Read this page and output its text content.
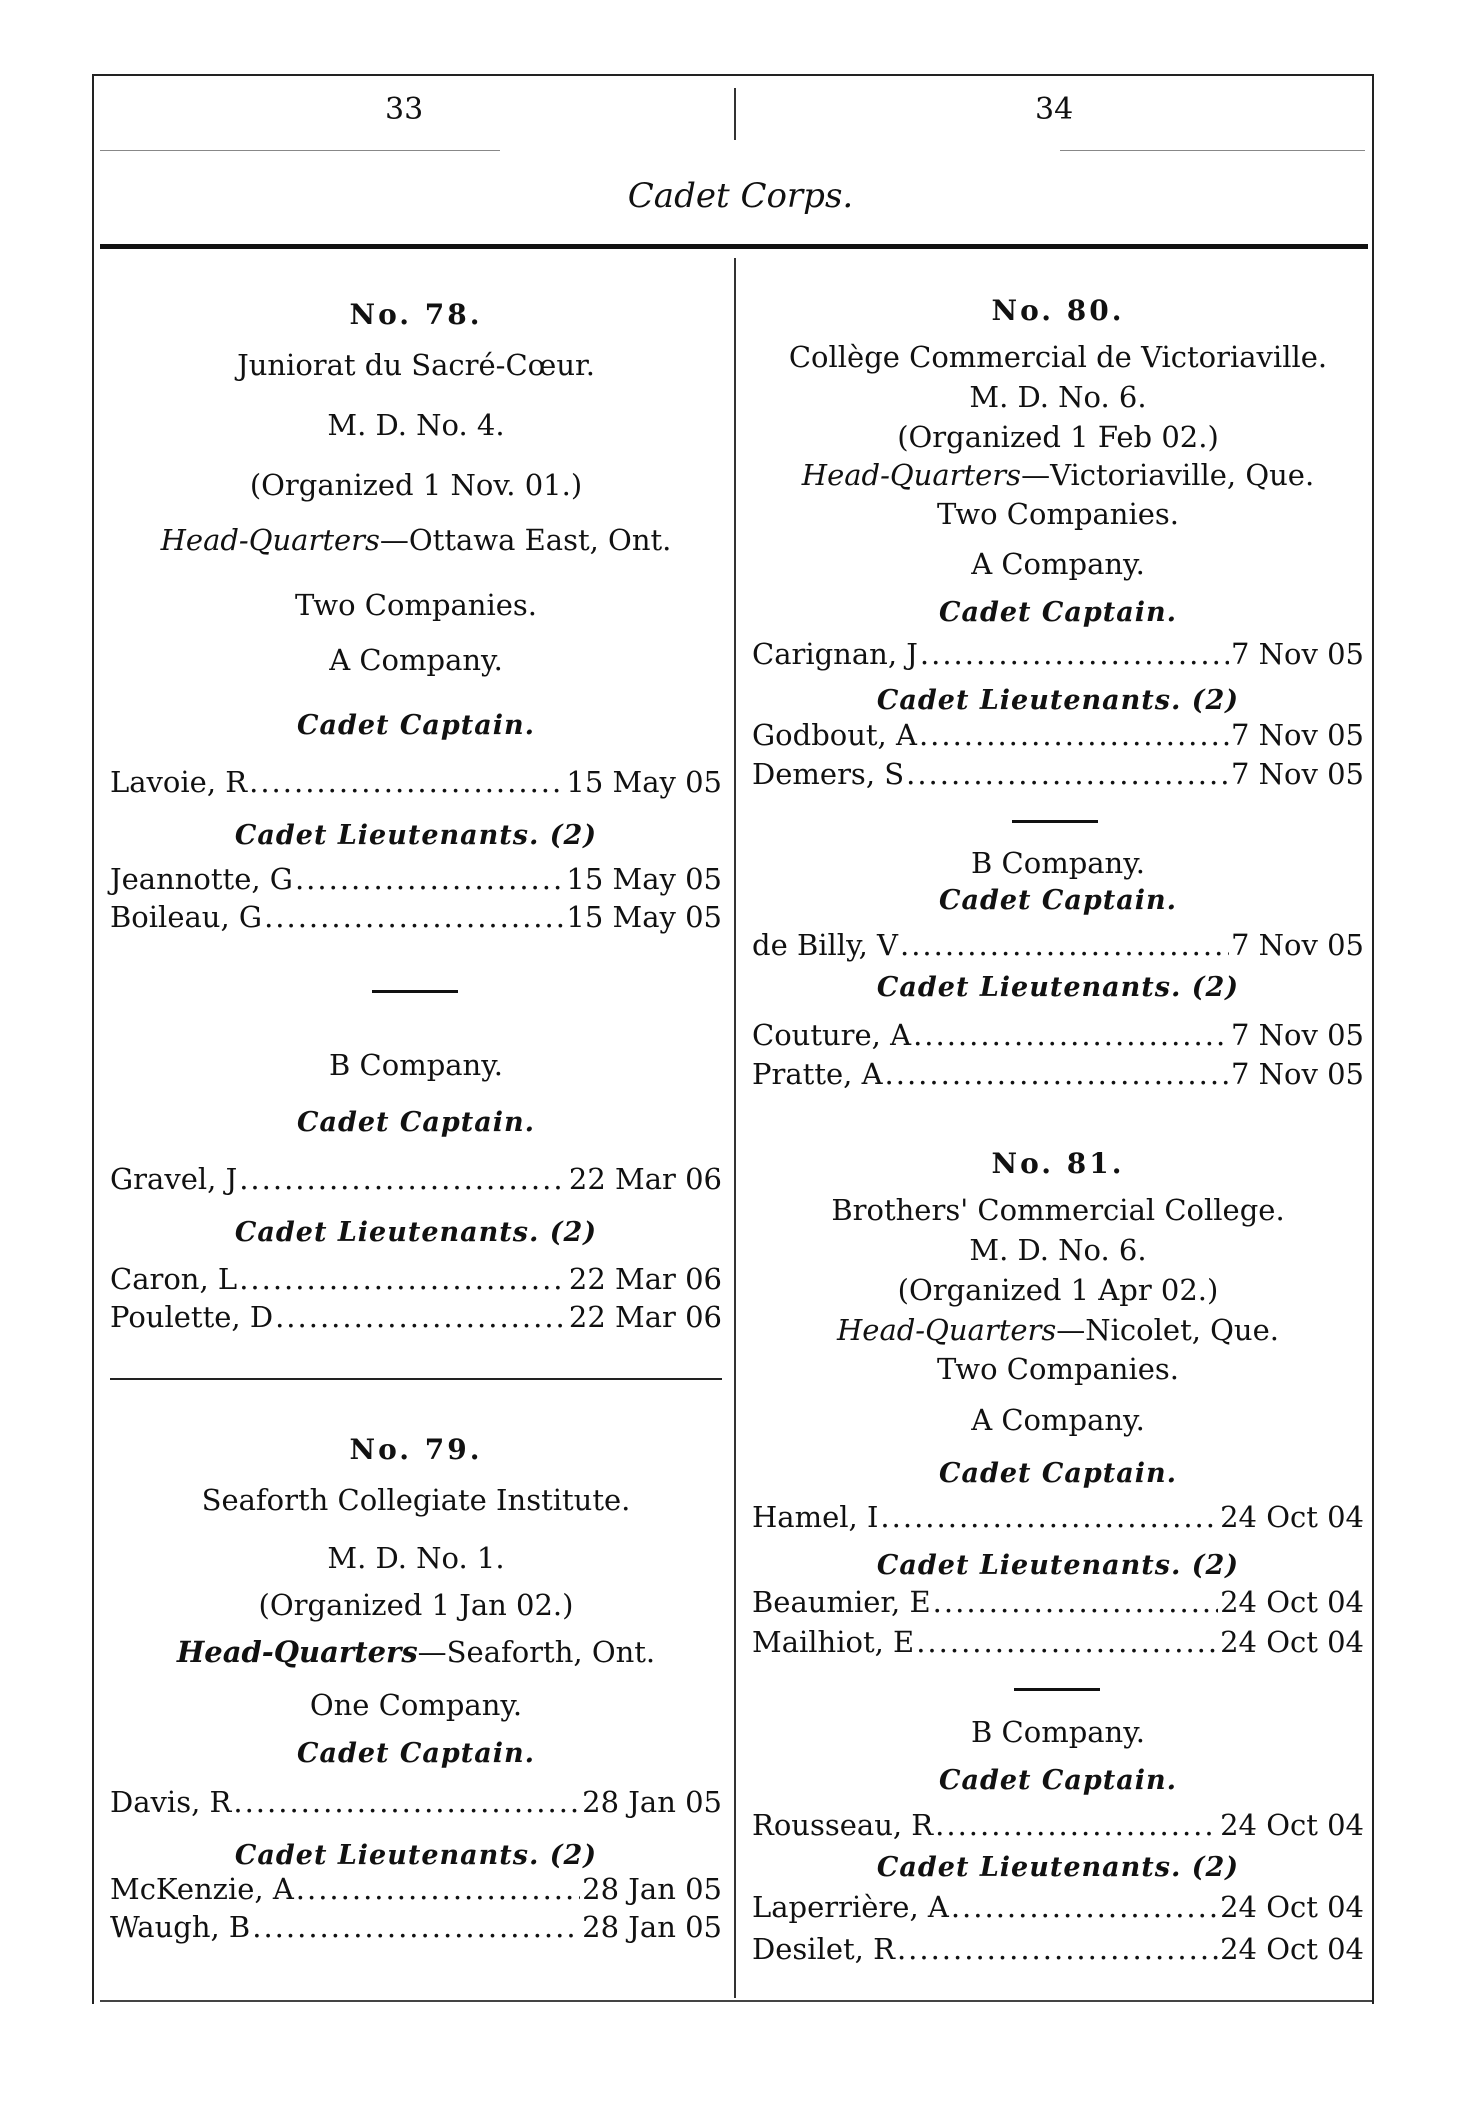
33	34
Cadet Corps.
No. 78.
Juniorat du Sacré-Cœur.
M. D. No. 4.
(Organized 1 Nov. 01.)
Head-Quarters—Ottawa East, Ont.
Two Companies.
A Company.
Cadet Captain.
Lavoie, R .....	15 May 05
Cadet Lieutenants. (2)
Jeannotte, G .....	15 May 05
Boileau, G .....	15 May 05
B Company.
Cadet Captain.
Gravel, J .....	22 Mar 06
Cadet Lieutenants. (2)
Caron, L .....	22 Mar 06
Poulette, D .....	22 Mar 06
No. 79.
Seaforth Collegiate Institute.
M. D. No. 1.
(Organized 1 Jan 02.)
Head-Quarters—Seaforth, Ont.
One Company.
Cadet Captain.
Davis, R .....	28 Jan 05
Cadet Lieutenants. (2)
McKenzie, A .....	28 Jan 05
Waugh, B .....	28 Jan 05
No. 80.
Collège Commercial de Victoriaville.
M. D. No. 6.
(Organized 1 Feb 02.)
Head-Quarters—Victoriaville, Que.
Two Companies.
A Company.
Cadet Captain.
Carignan, J .....	7 Nov 05
Cadet Lieutenants. (2)
Godbout, A .....	7 Nov 05
Demers, S .....	7 Nov 05
B Company.
Cadet Captain.
de Billy, V .....	7 Nov 05
Cadet Lieutenants. (2)
Couture, A .....	7 Nov 05
Pratte, A .....	7 Nov 05
No. 81.
Brothers' Commercial College.
M. D. No. 6.
(Organized 1 Apr 02.)
Head-Quarters—Nicolet, Que.
Two Companies.
A Company.
Cadet Captain.
Hamel, I .....	24 Oct 04
Cadet Lieutenants. (2)
Beaumier, E .....	24 Oct 04
Mailhiot, E .....	24 Oct 04
B Company.
Cadet Captain.
Rousseau, R .....	24 Oct 04
Cadet Lieutenants. (2)
Laperrière, A .....	24 Oct 04
Desilet, R .....	24 Oct 04
